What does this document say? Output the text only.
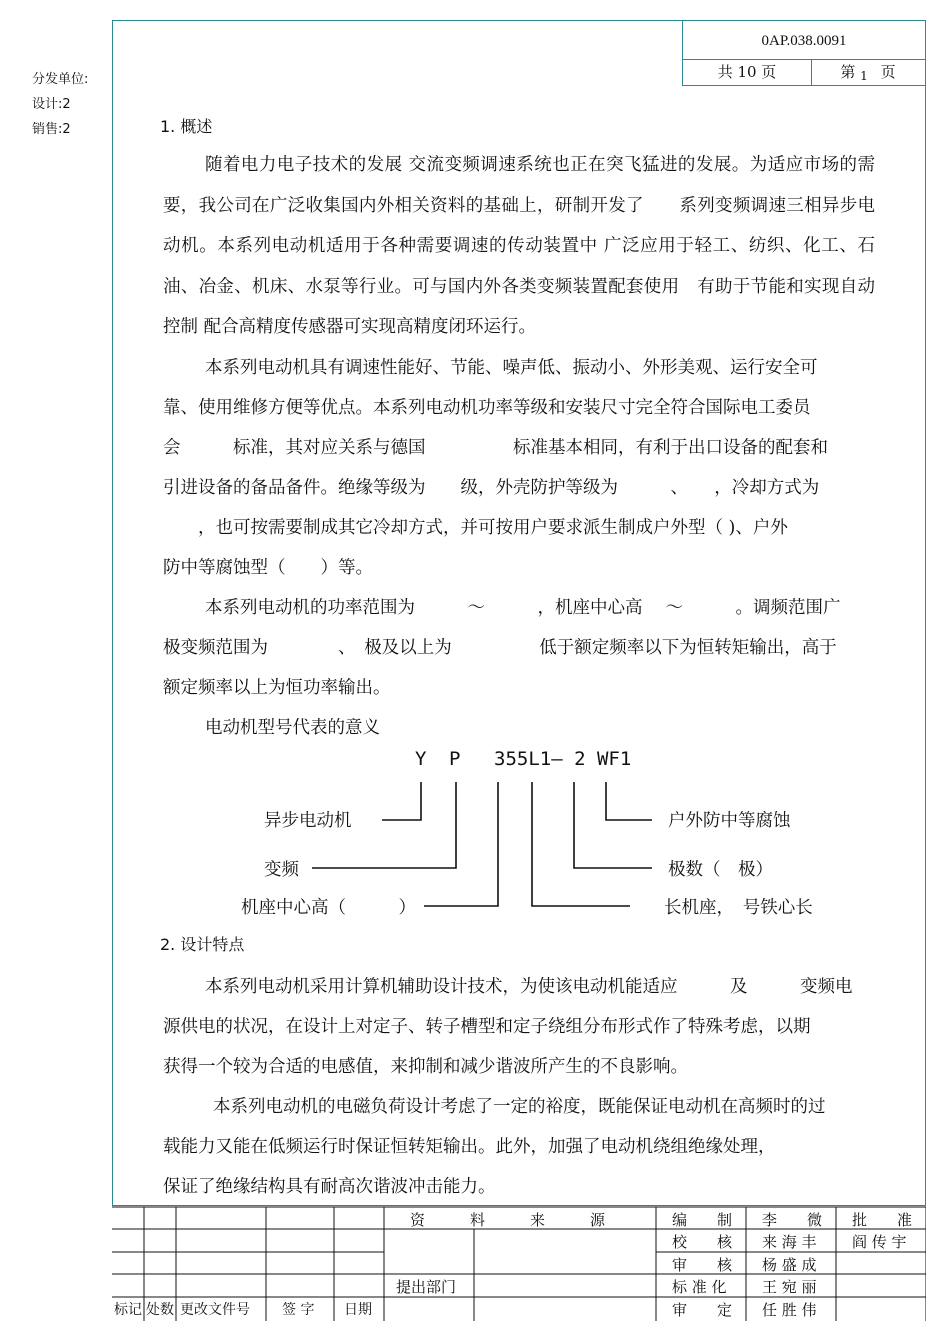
0AP.038.0091
共 10 页	第 $_1$ 页
分发单位:
设计:2
销售:2	1. 概述

随着电力电子技术的发展 交流变频调速系统也正在突飞猛进的发展。为适应市场的需要，我公司在广泛收集国内外相关资料的基础上，研制开发了　　系列变频调速三相异步电动机。本系列电动机适用于各种需要调速的传动装置中 广泛应用于轻工、纺织、化工、石油、冶金、机床、水泵等行业。可与国内外各类变频装置配套使用　有助于节能和实现自动控制 配合高精度传感器可实现高精度闭环运行。

本系列电动机具有调速性能好、节能、噪声低、振动小、外形美观、运行安全可
靠、使用维修方便等优点。本系列电动机功率等级和安装尺寸完全符合国际电工委员
会　　　标准，其对应关系与德国　　　　　标准基本相同，有利于出口设备的配套和
引进设备的备品备件。绝缘等级为　　级，外壳防护等级为　　　、　　，冷却方式为
　　，也可按需要制成其它冷却方式，并可按用户要求派生制成户外型（ )、户外
防中等腐蚀型（　　）等。
本系列电动机的功率范围为　　　～　　　，机座中心高　 ～　　　。调频范围广
极变频范围为　　　　、　极及以上为　　　　　低于额定频率以下为恒转矩输出，高于
额定频率以上为恒功率输出。
电动机型号代表的意义
Y P 355L1– 2 WF1
异步电动机
变频
机座中心高（　　　）
户外防中等腐蚀
极数（　极）
长机座，　号铁心长
2. 设计特点
本系列电动机采用计算机辅助设计技术，为使该电动机能适应　　　及　　　变频电
源供电的状况，在设计上对定子、转子槽型和定子绕组分布形式作了特殊考虑，以期
获得一个较为合适的电感值，来抑制和减少谐波所产生的不良影响。
本系列电动机的电磁负荷设计考虑了一定的裕度，既能保证电动机在高频时的过
载能力又能在低频运行时保证恒转矩输出。此外，加强了电动机绕组绝缘处理，
保证了绝缘结构具有耐高次谐波冲击能力。
资　　　料　　　来　　　源
提出部门
标记 处数 更改文件号 签 字 日期
编　　制
校　　核
审　　核
标 准 化
审　　定
李　　微
来 海 丰
杨 盛 成
王 宛 丽
任 胜 伟
批　　准
阎 传 宇
